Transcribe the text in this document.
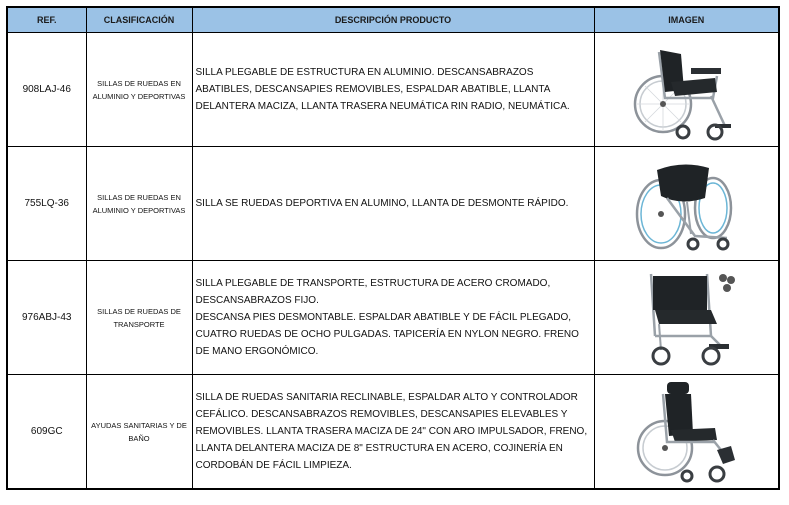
REF.	CLASIFICACIÓN	DESCRIPCIÓN PRODUCTO	IMAGEN
908LAJ-46	SILLAS DE RUEDAS EN ALUMINIO Y DEPORTIVAS	SILLA PLEGABLE DE ESTRUCTURA EN ALUMINIO. DESCANSABRAZOS ABATIBLES, DESCANSAPIES REMOVIBLES, ESPALDAR ABATIBLE, LLANTA DELANTERA MACIZA, LLANTA TRASERA NEUMÁTICA RIN RADIO, NEUMÁTICA.	

755LQ-36	SILLAS DE RUEDAS EN ALUMINIO Y DEPORTIVAS	SILLA SE RUEDAS DEPORTIVA EN ALUMINO, LLANTA DE DESMONTE RÁPIDO.	

976ABJ-43	SILLAS DE RUEDAS DE TRANSPORTE	SILLA PLEGABLE DE TRANSPORTE, ESTRUCTURA DE ACERO CROMADO, DESCANSABRAZOS FIJO.
DESCANSA PIES DESMONTABLE. ESPALDAR ABATIBLE Y DE FÁCIL PLEGADO, CUATRO RUEDAS DE OCHO PULGADAS. TAPICERÍA EN NYLON NEGRO. FRENO DE MANO ERGONÓMICO.	

609GC	AYUDAS SANITARIAS Y DE BAÑO	SILLA DE RUEDAS SANITARIA RECLINABLE, ESPALDAR ALTO Y CONTROLADOR CEFÁLICO. DESCANSABRAZOS REMOVIBLES, DESCANSAPIES ELEVABLES Y REMOVIBLES. LLANTA TRASERA MACIZA DE 24" CON ARO IMPULSADOR, FRENO, LLANTA DELANTERA MACIZA DE 8" ESTRUCTURA EN ACERO, COJINERÍA EN CORDOBÁN DE FÁCIL LIMPIEZA.	
